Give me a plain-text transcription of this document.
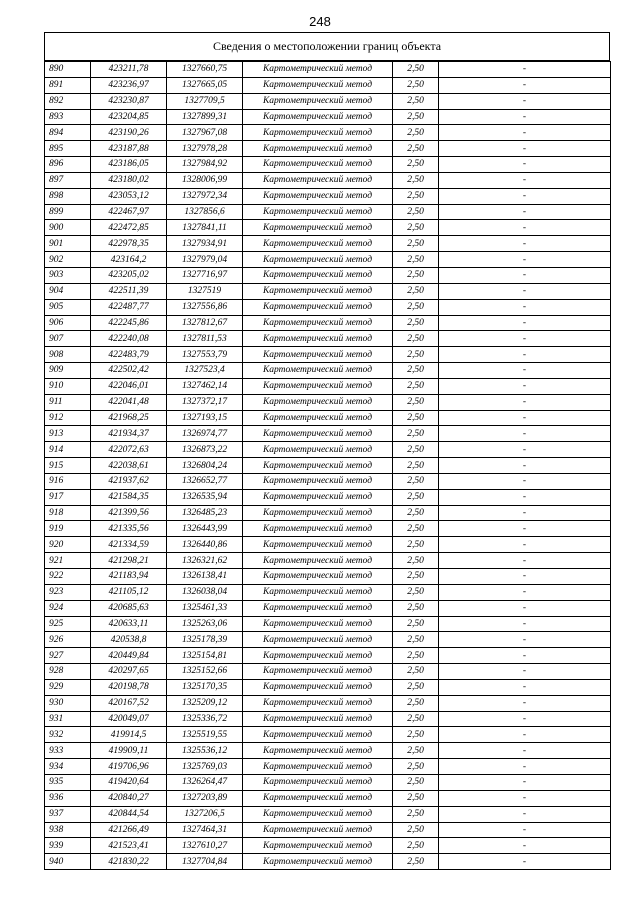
248
Сведения о местоположении границ объекта
890	423211,78	1327660,75	Картометрический метод	2,50	-
891	423236,97	1327665,05	Картометрический метод	2,50	-
892	423230,87	1327709,5	Картометрический метод	2,50	-
893	423204,85	1327899,31	Картометрический метод	2,50	-
894	423190,26	1327967,08	Картометрический метод	2,50	-
895	423187,88	1327978,28	Картометрический метод	2,50	-
896	423186,05	1327984,92	Картометрический метод	2,50	-
897	423180,02	1328006,99	Картометрический метод	2,50	-
898	423053,12	1327972,34	Картометрический метод	2,50	-
899	422467,97	1327856,6	Картометрический метод	2,50	-
900	422472,85	1327841,11	Картометрический метод	2,50	-
901	422978,35	1327934,91	Картометрический метод	2,50	-
902	423164,2	1327979,04	Картометрический метод	2,50	-
903	423205,02	1327716,97	Картометрический метод	2,50	-
904	422511,39	1327519	Картометрический метод	2,50	-
905	422487,77	1327556,86	Картометрический метод	2,50	-
906	422245,86	1327812,67	Картометрический метод	2,50	-
907	422240,08	1327811,53	Картометрический метод	2,50	-
908	422483,79	1327553,79	Картометрический метод	2,50	-
909	422502,42	1327523,4	Картометрический метод	2,50	-
910	422046,01	1327462,14	Картометрический метод	2,50	-
911	422041,48	1327372,17	Картометрический метод	2,50	-
912	421968,25	1327193,15	Картометрический метод	2,50	-
913	421934,37	1326974,77	Картометрический метод	2,50	-
914	422072,63	1326873,22	Картометрический метод	2,50	-
915	422038,61	1326804,24	Картометрический метод	2,50	-
916	421937,62	1326652,77	Картометрический метод	2,50	-
917	421584,35	1326535,94	Картометрический метод	2,50	-
918	421399,56	1326485,23	Картометрический метод	2,50	-
919	421335,56	1326443,99	Картометрический метод	2,50	-
920	421334,59	1326440,86	Картометрический метод	2,50	-
921	421298,21	1326321,62	Картометрический метод	2,50	-
922	421183,94	1326138,41	Картометрический метод	2,50	-
923	421105,12	1326038,04	Картометрический метод	2,50	-
924	420685,63	1325461,33	Картометрический метод	2,50	-
925	420633,11	1325263,06	Картометрический метод	2,50	-
926	420538,8	1325178,39	Картометрический метод	2,50	-
927	420449,84	1325154,81	Картометрический метод	2,50	-
928	420297,65	1325152,66	Картометрический метод	2,50	-
929	420198,78	1325170,35	Картометрический метод	2,50	-
930	420167,52	1325209,12	Картометрический метод	2,50	-
931	420049,07	1325336,72	Картометрический метод	2,50	-
932	419914,5	1325519,55	Картометрический метод	2,50	-
933	419909,11	1325536,12	Картометрический метод	2,50	-
934	419706,96	1325769,03	Картометрический метод	2,50	-
935	419420,64	1326264,47	Картометрический метод	2,50	-
936	420840,27	1327203,89	Картометрический метод	2,50	-
937	420844,54	1327206,5	Картометрический метод	2,50	-
938	421266,49	1327464,31	Картометрический метод	2,50	-
939	421523,41	1327610,27	Картометрический метод	2,50	-
940	421830,22	1327704,84	Картометрический метод	2,50	-
